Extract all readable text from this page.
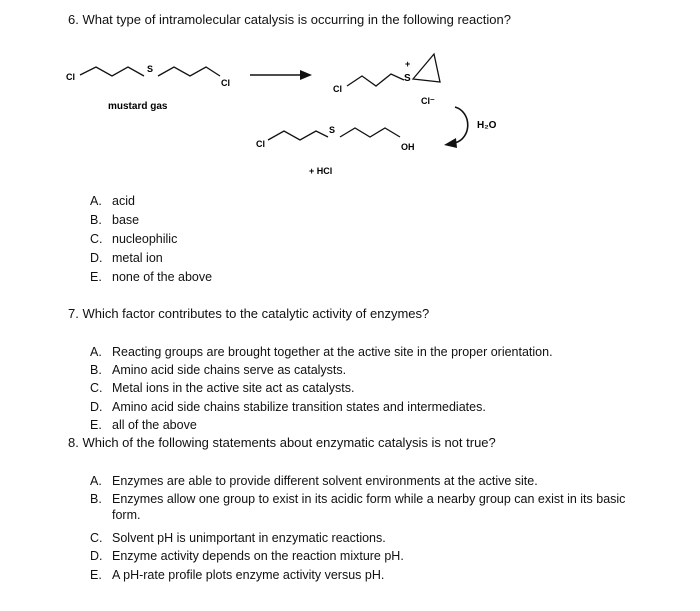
6. What type of intramolecular catalysis is occurring in the following reaction?
Cl
S
Cl
mustard gas
Cl
S
+
Cl⁻
H₂O
Cl
S
OH
+ HCl
A. acid
B. base
C. nucleophilic
D. metal ion
E. none of the above
7. Which factor contributes to the catalytic activity of enzymes?
A. Reacting groups are brought together at the active site in the proper orientation.
B. Amino acid side chains serve as catalysts.
C. Metal ions in the active site act as catalysts.
D. Amino acid side chains stabilize transition states and intermediates.
E. all of the above
8. Which of the following statements about enzymatic catalysis is not true?
A. Enzymes are able to provide different solvent environments at the active site.
B. Enzymes allow one group to exist in its acidic form while a nearby group can exist in its basic form.
C. Solvent pH is unimportant in enzymatic reactions.
D. Enzyme activity depends on the reaction mixture pH.
E. A pH-rate profile plots enzyme activity versus pH.
